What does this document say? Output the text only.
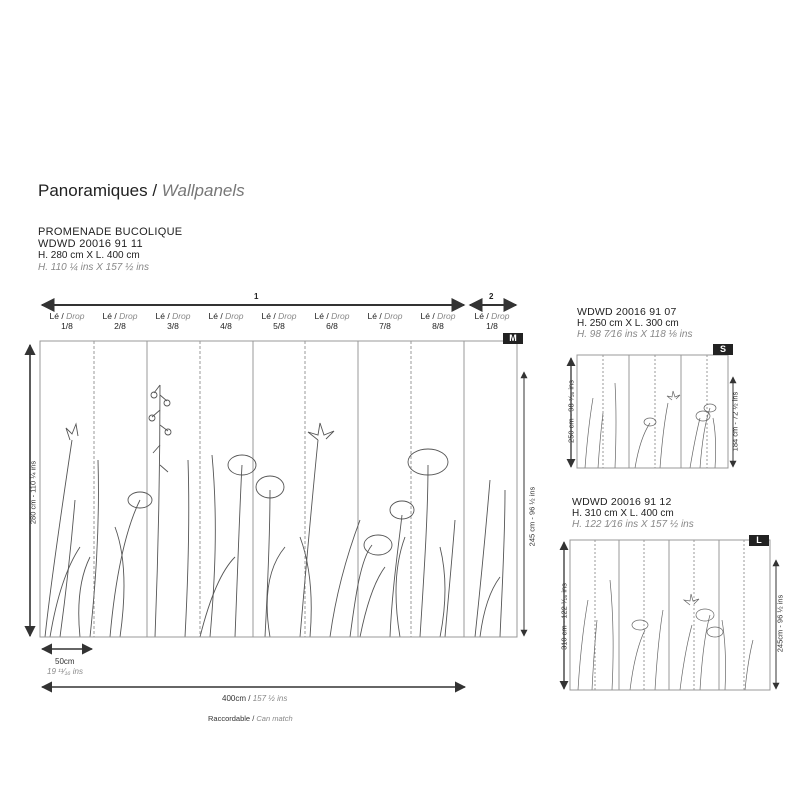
Panoramiques / Wallpanels
PROMENADE BUCOLIQUE
WDWD 20016 91 11
H. 280 cm X L. 400 cm
H. 110 ¼ ins X 157 ½ ins
1	2
Lé / Drop
1/8
Lé / Drop
2/8
Lé / Drop
3/8
Lé / Drop
4/8
Lé / Drop
5/8
Lé / Drop
6/8
Lé / Drop
7/8
Lé / Drop
8/8
Lé / Drop
1/8
M
280 cm - 110 ¼ ins
245 cm - 96 ½ ins
50cm
19 ¹¹⁄₁₆ ins
400cm / 157 ½ ins
Raccordable / Can match
WDWD 20016 91 07
H. 250 cm X L. 300 cm
H. 98 7⁄16 ins X 118 ⅛ ins
S
250 cm - 98 ⁷⁄₁₆ ins	184 cm - 72 ½ ins
WDWD 20016 91 12
H. 310 cm X L. 400 cm
H. 122 1⁄16 ins X 157 ½ ins
L
310 cm - 122 ¹⁄₁₆ ins	245cm - 96 ½ ins
